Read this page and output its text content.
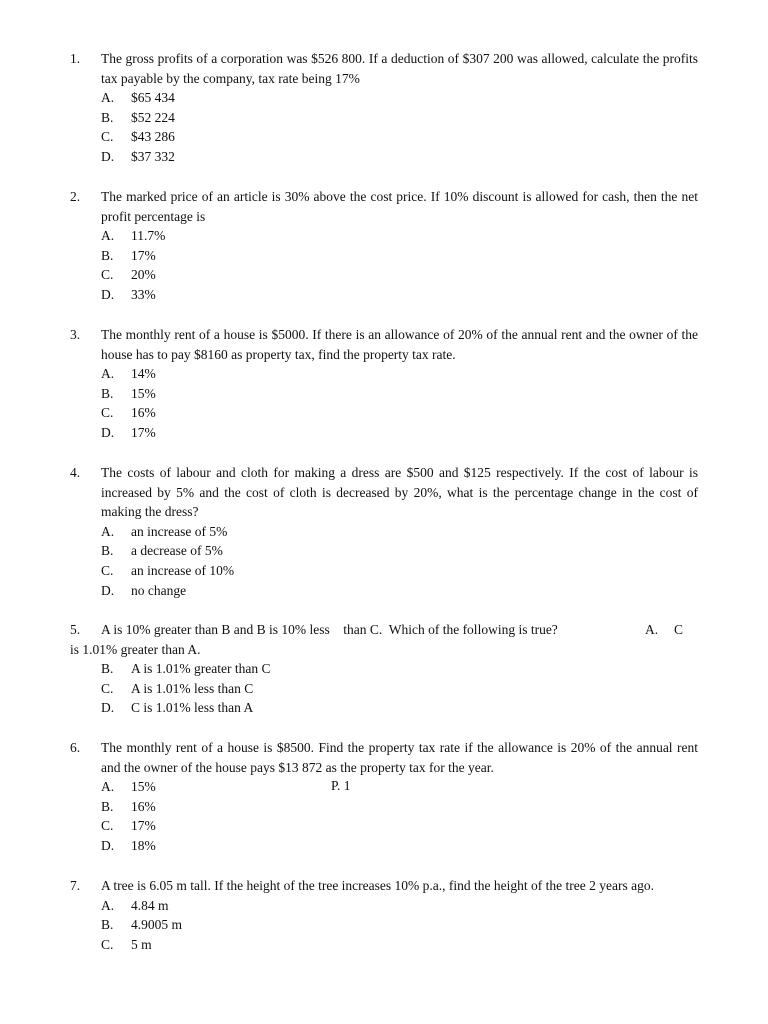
1.	The gross profits of a corporation was $526 800. If a deduction of $307 200 was allowed, calculate the profits tax payable by the company, tax rate being 17%
A.	$65 434
B.	$52 224
C.	$43 286
D.	$37 332
2.	The marked price of an article is 30% above the cost price. If 10% discount is allowed for cash, then the net profit percentage is
A.	11.7%
B.	17%
C.	20%
D.	33%
3.	The monthly rent of a house is $5000. If there is an allowance of 20% of the annual rent and the owner of the house has to pay $8160 as property tax, find the property tax rate.
A.	14%
B.	15%
C.	16%
D.	17%
4.	The costs of labour and cloth for making a dress are $500 and $125 respectively. If the cost of labour is increased by 5% and the cost of cloth is decreased by 20%, what is the percentage change in the cost of making the dress?
A.	an increase of 5%
B.	a decrease of 5%
C.	an increase of 10%
D.	no change
5. A is 10% greater than B and B is 10% less    than C.  Which of the following is true?	A. C
is 1.01% greater than A.
B.	A is 1.01% greater than C
C.	A is 1.01% less than C
D.	C is 1.01% less than A
6.	The monthly rent of a house is $8500. Find the property tax rate if the allowance is 20% of the annual rent and the owner of the house pays $13 872 as the property tax for the year.
A.	15%
B.	16%
C.	17%
D.	18%
P. 1
7.	A tree is 6.05 m tall. If the height of the tree increases 10% p.a., find the height of the tree 2 years ago.
A.	4.84 m
B.	4.9005 m
C.	5 m
